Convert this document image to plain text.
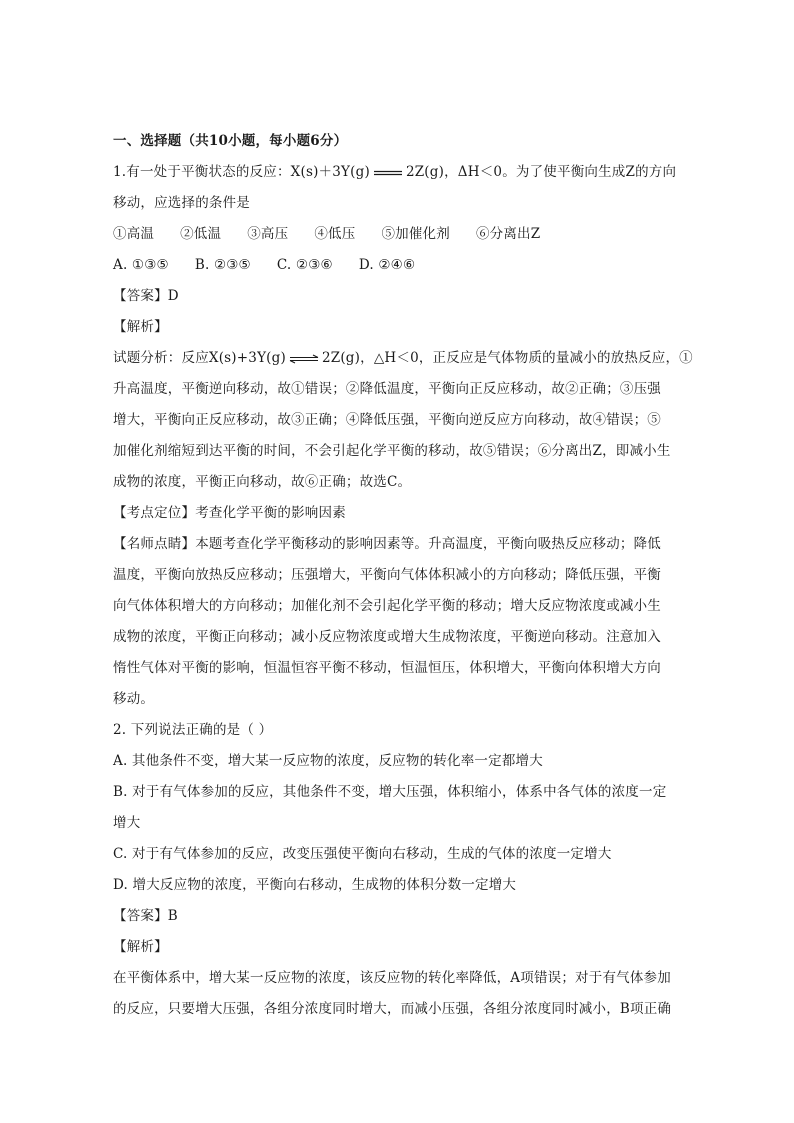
一、选择题（共10小题，每小题6分）
1.有一处于平衡状态的反应：X(s)＋3Y(g)	2Z(g)，ΔH＜0。为了使平衡向生成Z的方向
移动，应选择的条件是
①高温 ②低温 ③高压 ④低压 ⑤加催化剂 ⑥分离出Z
A. ①③⑤ B. ②③⑤ C. ②③⑥ D. ②④⑥
【答案】D
【解析】
试题分析：反应X(s)+3Y(g) ⇌ 2Z(g)，△H＜0，正反应是气体物质的量减小的放热反应，①
升高温度，平衡逆向移动，故①错误；②降低温度，平衡向正反应移动，故②正确；③压强
增大，平衡向正反应移动，故③正确；④降低压强，平衡向逆反应方向移动，故④错误；⑤
加催化剂缩短到达平衡的时间，不会引起化学平衡的移动，故⑤错误；⑥分离出Z，即减小生
成物的浓度，平衡正向移动，故⑥正确；故选C。
【考点定位】考查化学平衡的影响因素
【名师点睛】本题考查化学平衡移动的影响因素等。升高温度，平衡向吸热反应移动；降低
温度，平衡向放热反应移动；压强增大，平衡向气体体积减小的方向移动；降低压强，平衡
向气体体积增大的方向移动；加催化剂不会引起化学平衡的移动；增大反应物浓度或减小生
成物的浓度，平衡正向移动；减小反应物浓度或增大生成物浓度，平衡逆向移动。注意加入
惰性气体对平衡的影响，恒温恒容平衡不移动，恒温恒压，体积增大，平衡向体积增大方向
移动。
2. 下列说法正确的是（ ）
A. 其他条件不变，增大某一反应物的浓度，反应物的转化率一定都增大
B. 对于有气体参加的反应，其他条件不变，增大压强，体积缩小，体系中各气体的浓度一定
增大
C. 对于有气体参加的反应，改变压强使平衡向右移动，生成的气体的浓度一定增大
D. 增大反应物的浓度，平衡向右移动，生成物的体积分数一定增大
【答案】B
【解析】
在平衡体系中，增大某一反应物的浓度，该反应物的转化率降低，A项错误；对于有气体参加
的反应，只要增大压强，各组分浓度同时增大，而减小压强，各组分浓度同时减小，B项正确
